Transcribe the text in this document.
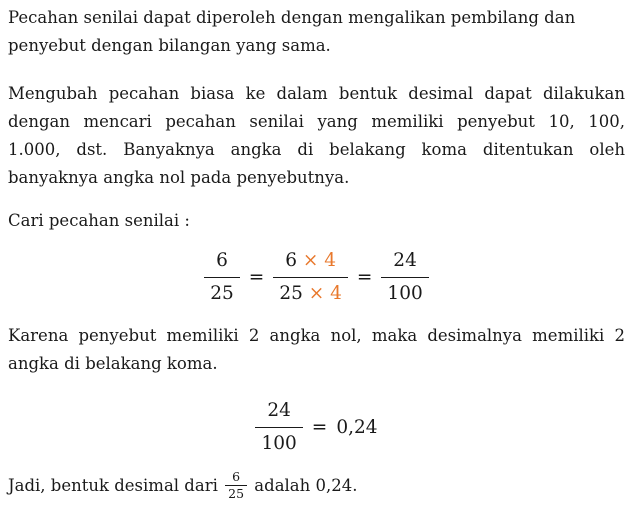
Pecahan senilai dapat diperoleh dengan mengalikan pembilang dan
penyebut dengan bilangan yang sama.

Mengubah pecahan biasa ke dalam bentuk desimal dapat dilakukan
dengan mencari pecahan senilai yang memiliki penyebut 10, 100,
1.000, dst. Banyaknya angka di belakang koma ditentukan oleh
banyaknya angka nol pada penyebutnya.

Cari pecahan senilai :

$\frac{6}{25} = \frac{6 \times 4}{25 \times 4} = \frac{24}{100}$

Karena penyebut memiliki 2 angka nol, maka desimalnya memiliki 2
angka di belakang koma.

$\frac{24}{100} = 0,24$

Jadi, bentuk desimal dari $\frac{6}{25}$ adalah 0,24.
